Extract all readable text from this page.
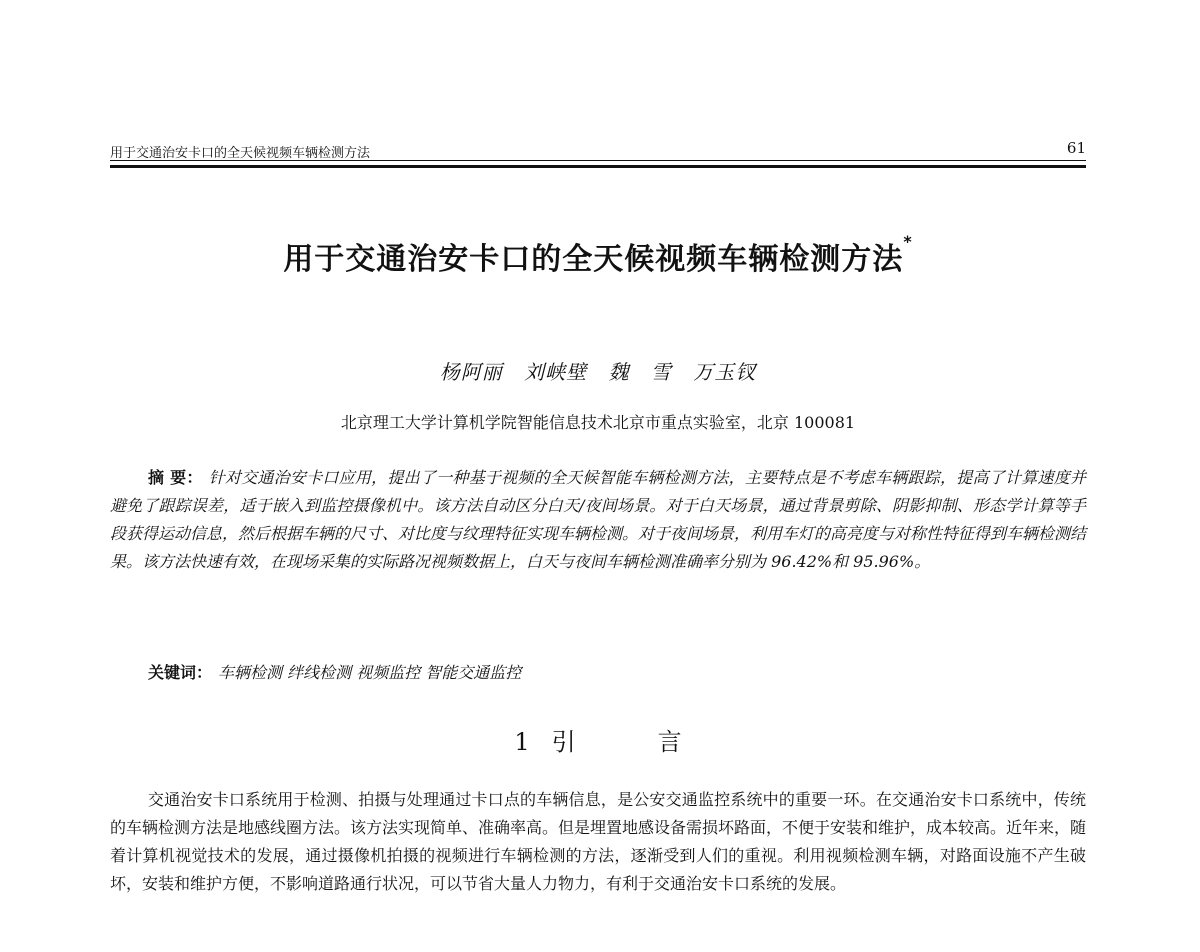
用于交通治安卡口的全天候视频车辆检测方法	61
用于交通治安卡口的全天候视频车辆检测方法*
杨阿丽 刘峡壁 魏 雪 万玉钗
北京理工大学计算机学院智能信息技术北京市重点实验室，北京 100081
摘 要： 针对交通治安卡口应用，提出了一种基于视频的全天候智能车辆检测方法，主要特点是不考虑车辆跟踪，提高了计算速度并避免了跟踪误差，适于嵌入到监控摄像机中。该方法自动区分白天/夜间场景。对于白天场景，通过背景剪除、阴影抑制、形态学计算等手段获得运动信息，然后根据车辆的尺寸、对比度与纹理特征实现车辆检测。对于夜间场景，利用车灯的高亮度与对称性特征得到车辆检测结果。该方法快速有效，在现场采集的实际路况视频数据上，白天与夜间车辆检测准确率分别为 96.42%和 95.96%。
关键词： 车辆检测 绊线检测 视频监控 智能交通监控
1 引言
交通治安卡口系统用于检测、拍摄与处理通过卡口点的车辆信息，是公安交通监控系统中的重要一环。在交通治安卡口系统中，传统的车辆检测方法是地感线圈方法。该方法实现简单、准确率高。但是埋置地感设备需损坏路面，不便于安装和维护，成本较高。近年来，随着计算机视觉技术的发展，通过摄像机拍摄的视频进行车辆检测的方法，逐渐受到人们的重视。利用视频检测车辆，对路面设施不产生破坏，安装和维护方便，不影响道路通行状况，可以节省大量人力物力，有利于交通治安卡口系统的发展。
